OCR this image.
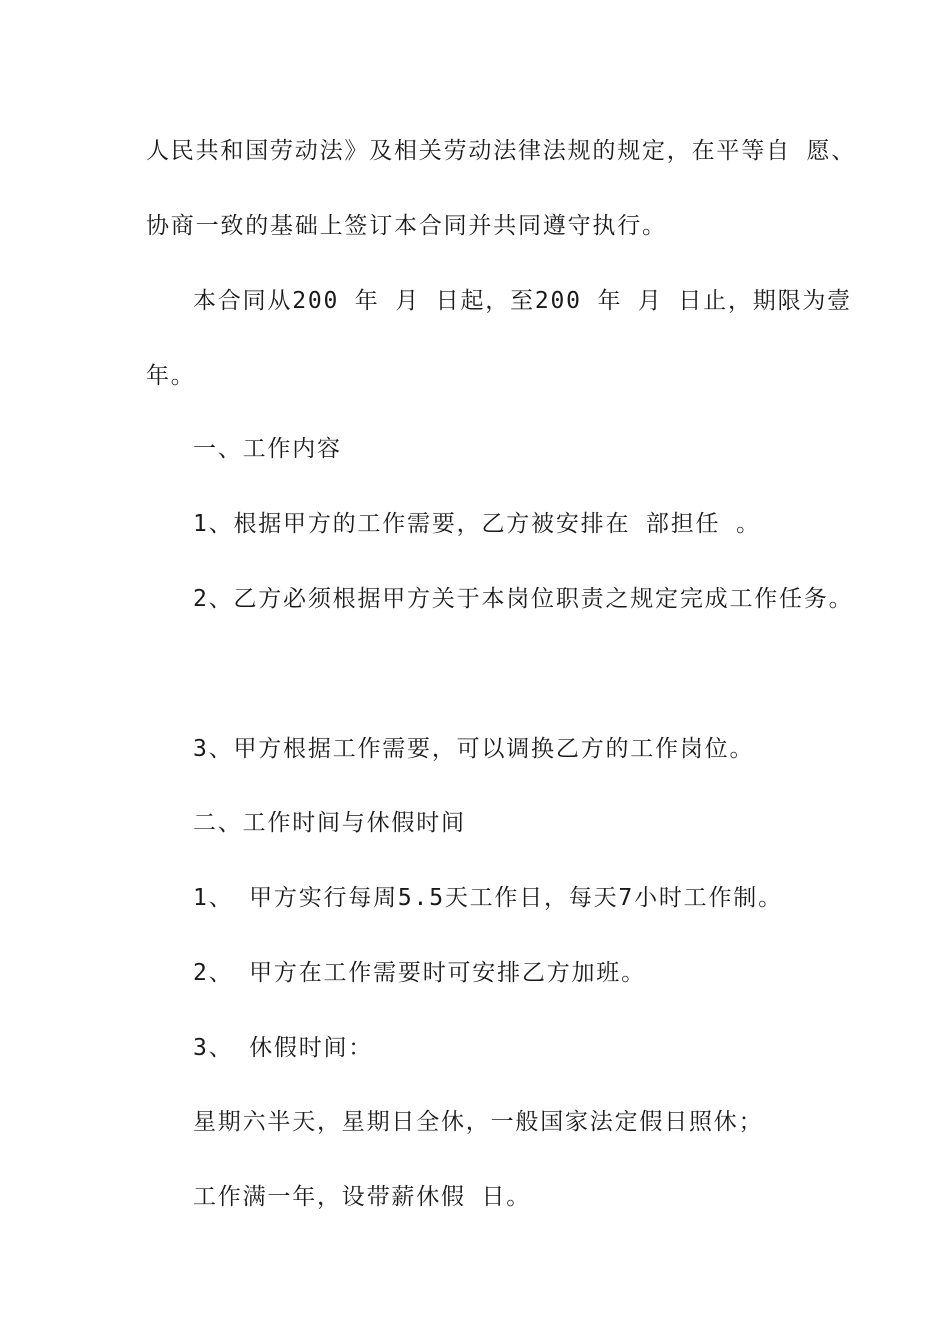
人民共和国劳动法》及相关劳动法律法规的规定，在平等自 愿、
协商一致的基础上签订本合同并共同遵守执行。
本合同从200 年 月 日起，至200 年 月 日止，期限为壹
年。
一、工作内容
1、根据甲方的工作需要，乙方被安排在 部担任 。
2、乙方必须根据甲方关于本岗位职责之规定完成工作任务。
3、甲方根据工作需要，可以调换乙方的工作岗位。
二、工作时间与休假时间
1、 甲方实行每周5.5天工作日，每天7小时工作制。
2、 甲方在工作需要时可安排乙方加班。
3、 休假时间：
星期六半天，星期日全休，一般国家法定假日照休；
工作满一年，设带薪休假 日。
